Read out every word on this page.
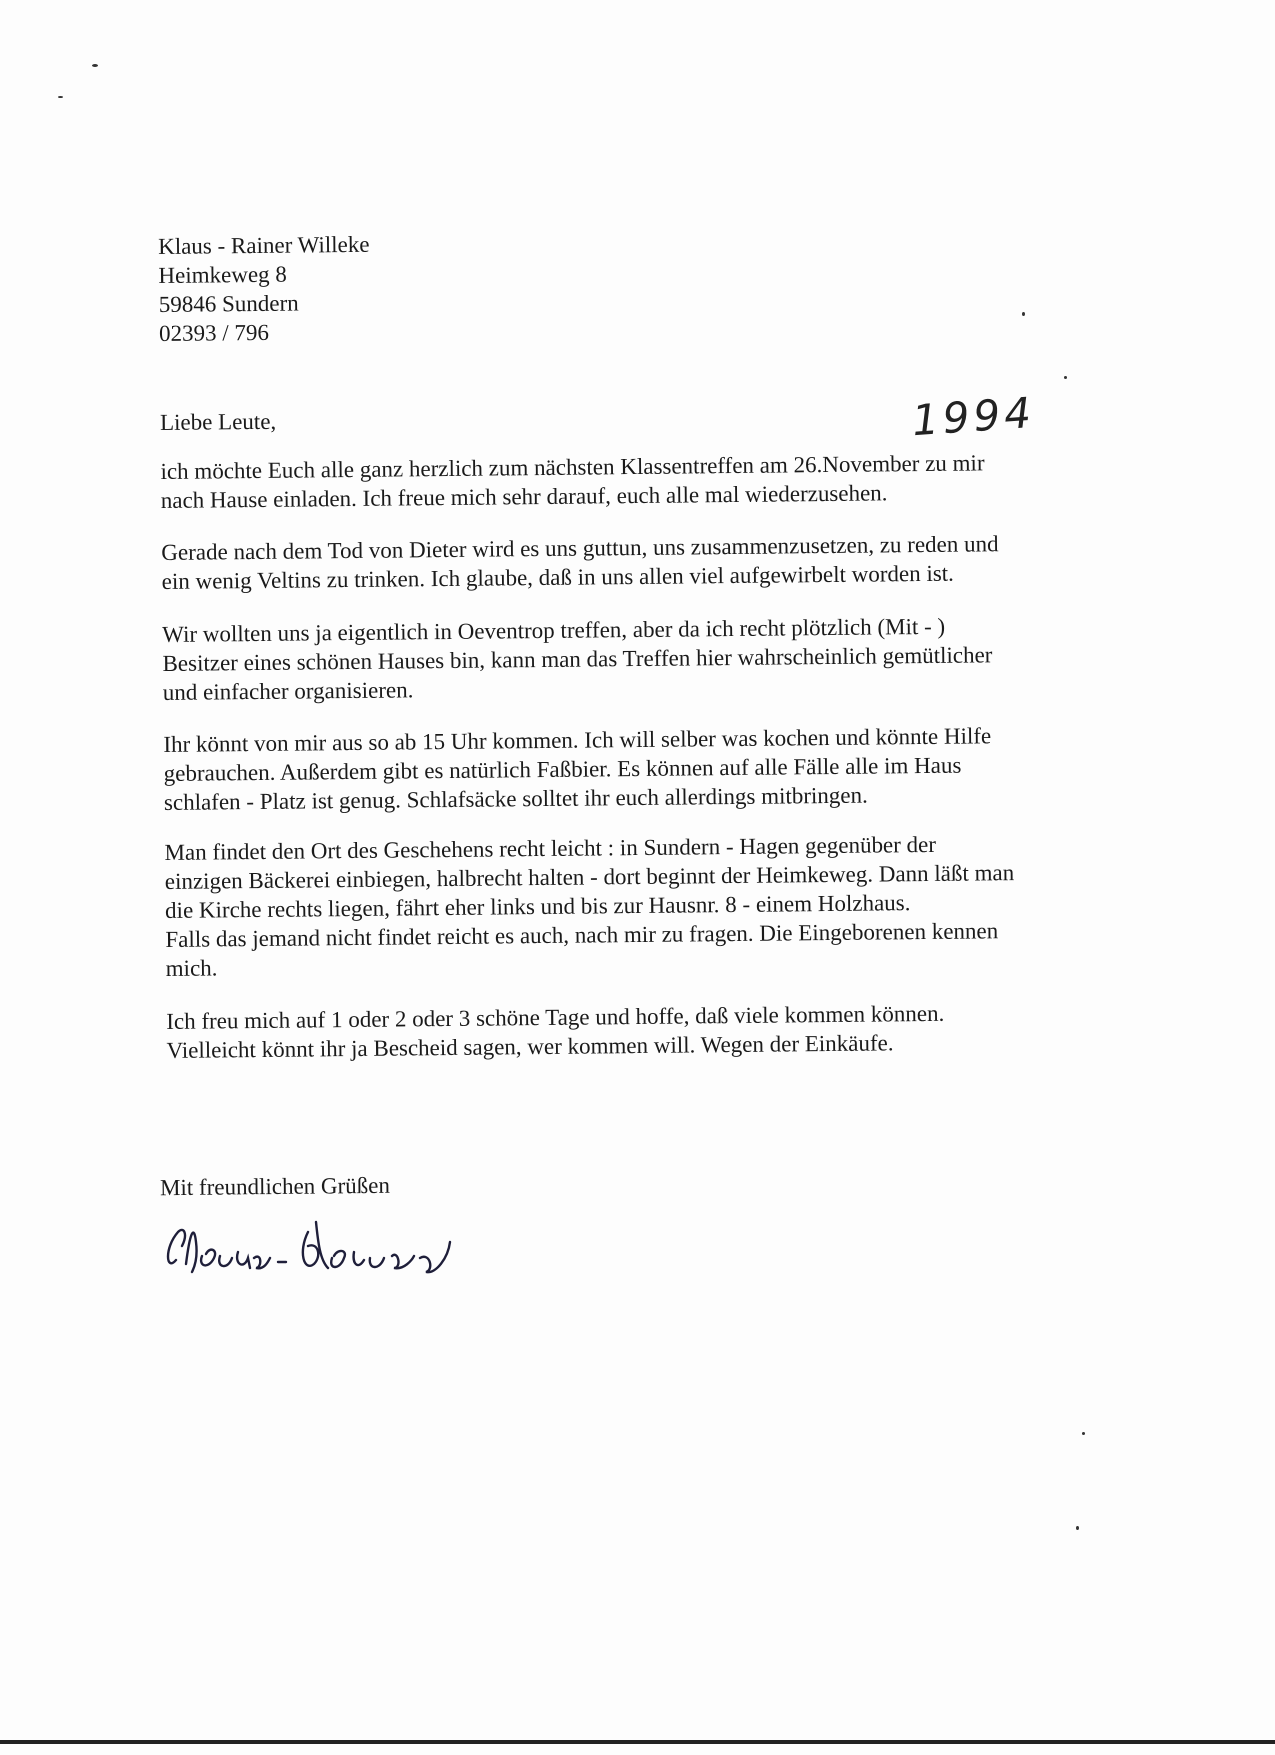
Klaus - Rainer Willeke
Heimkeweg 8
59846 Sundern
02393 / 796
Liebe Leute,
ich möchte Euch alle ganz herzlich zum nächsten Klassentreffen am 26.November zu mir
nach Hause einladen. Ich freue mich sehr darauf, euch alle mal wiederzusehen.
Gerade nach dem Tod von Dieter wird es uns guttun, uns zusammenzusetzen, zu reden und
ein wenig Veltins zu trinken. Ich glaube, daß in uns allen viel aufgewirbelt worden ist.
Wir wollten uns ja eigentlich in Oeventrop treffen, aber da ich recht plötzlich (Mit - )
Besitzer eines schönen Hauses bin, kann man das Treffen hier wahrscheinlich gemütlicher
und einfacher organisieren.
Ihr könnt von mir aus so ab 15 Uhr kommen. Ich will selber was kochen und könnte Hilfe
gebrauchen. Außerdem gibt es natürlich Faßbier. Es können auf alle Fälle alle im Haus
schlafen - Platz ist genug. Schlafsäcke solltet ihr euch allerdings mitbringen.
Man findet den Ort des Geschehens recht leicht : in Sundern - Hagen gegenüber der
einzigen Bäckerei einbiegen, halbrecht halten - dort beginnt der Heimkeweg. Dann läßt man
die Kirche rechts liegen, fährt eher links und bis zur Hausnr. 8 - einem Holzhaus.
Falls das jemand nicht findet reicht es auch, nach mir zu fragen. Die Eingeborenen kennen
mich.
Ich freu mich auf 1 oder 2 oder 3 schöne Tage und hoffe, daß viele kommen können.
Vielleicht könnt ihr ja Bescheid sagen, wer kommen will. Wegen der Einkäufe.
1994
Mit freundlichen Grüßen
